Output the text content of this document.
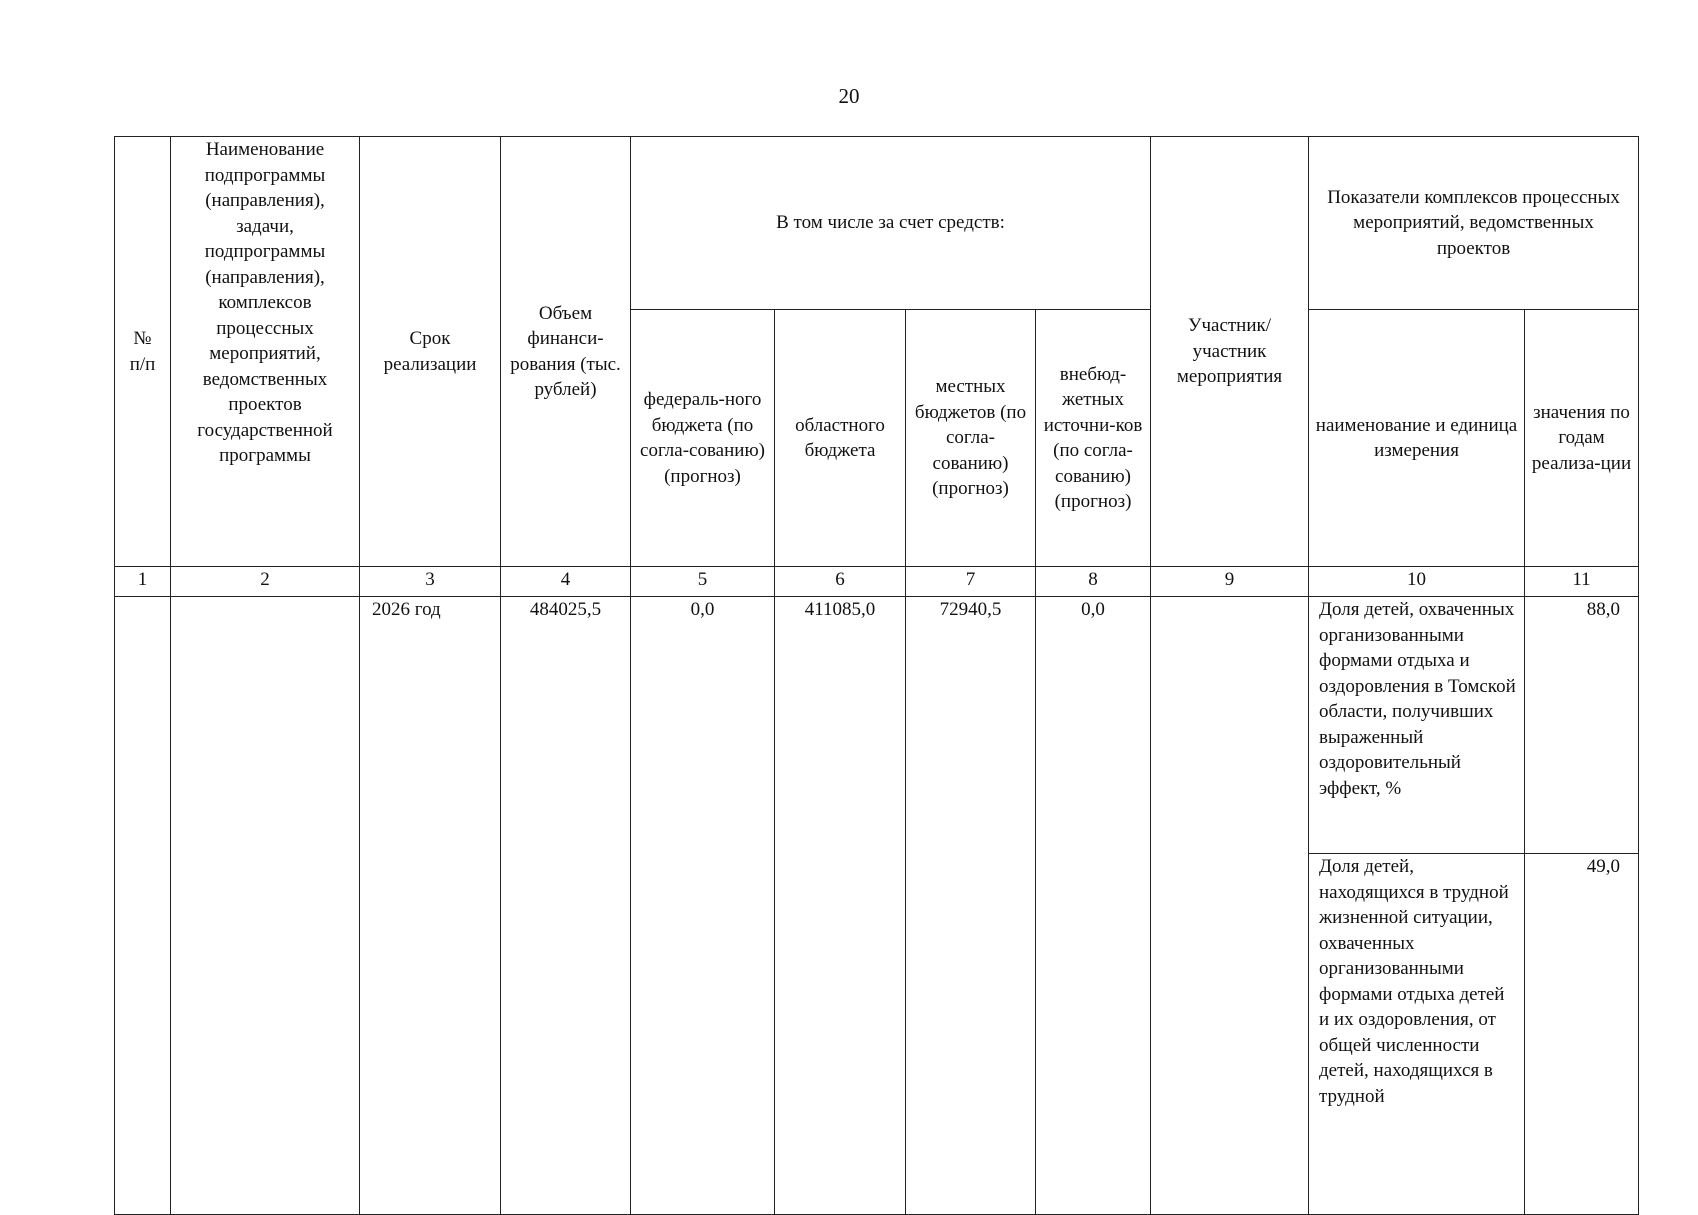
20
№
п/п	Наименование подпрограммы (направления), задачи, подпрограммы (направления), комплексов процессных мероприятий, ведомственных проектов государственной программы	Срок реализации	Объем финанси-рования (тыс. рублей)	В том числе за счет средств:				Участник/ участник мероприятия	Показатели комплексов процессных мероприятий, ведомственных проектов	
				федераль-ного бюджета (по согла-сованию) (прогноз)	областного бюджета	местных бюджетов (по согла-сованию) (прогноз)	внебюд-жетных источни-ков (по согла-сованию) (прогноз)		наименование и единица измерения	значения по годам реализа-ции
1	2	3	4	5	6	7	8	9	10	11
		2026 год	484025,5	0,0	411085,0	72940,5	0,0		Доля детей, охваченных организованными формами отдыха и оздоровления в Томской области, получивших выраженный оздоровительный эффект, %	88,0
									Доля детей, находящихся в трудной жизненной ситуации, охваченных организованными формами отдыха детей и их оздоровления, от общей численности детей, находящихся в трудной	49,0
